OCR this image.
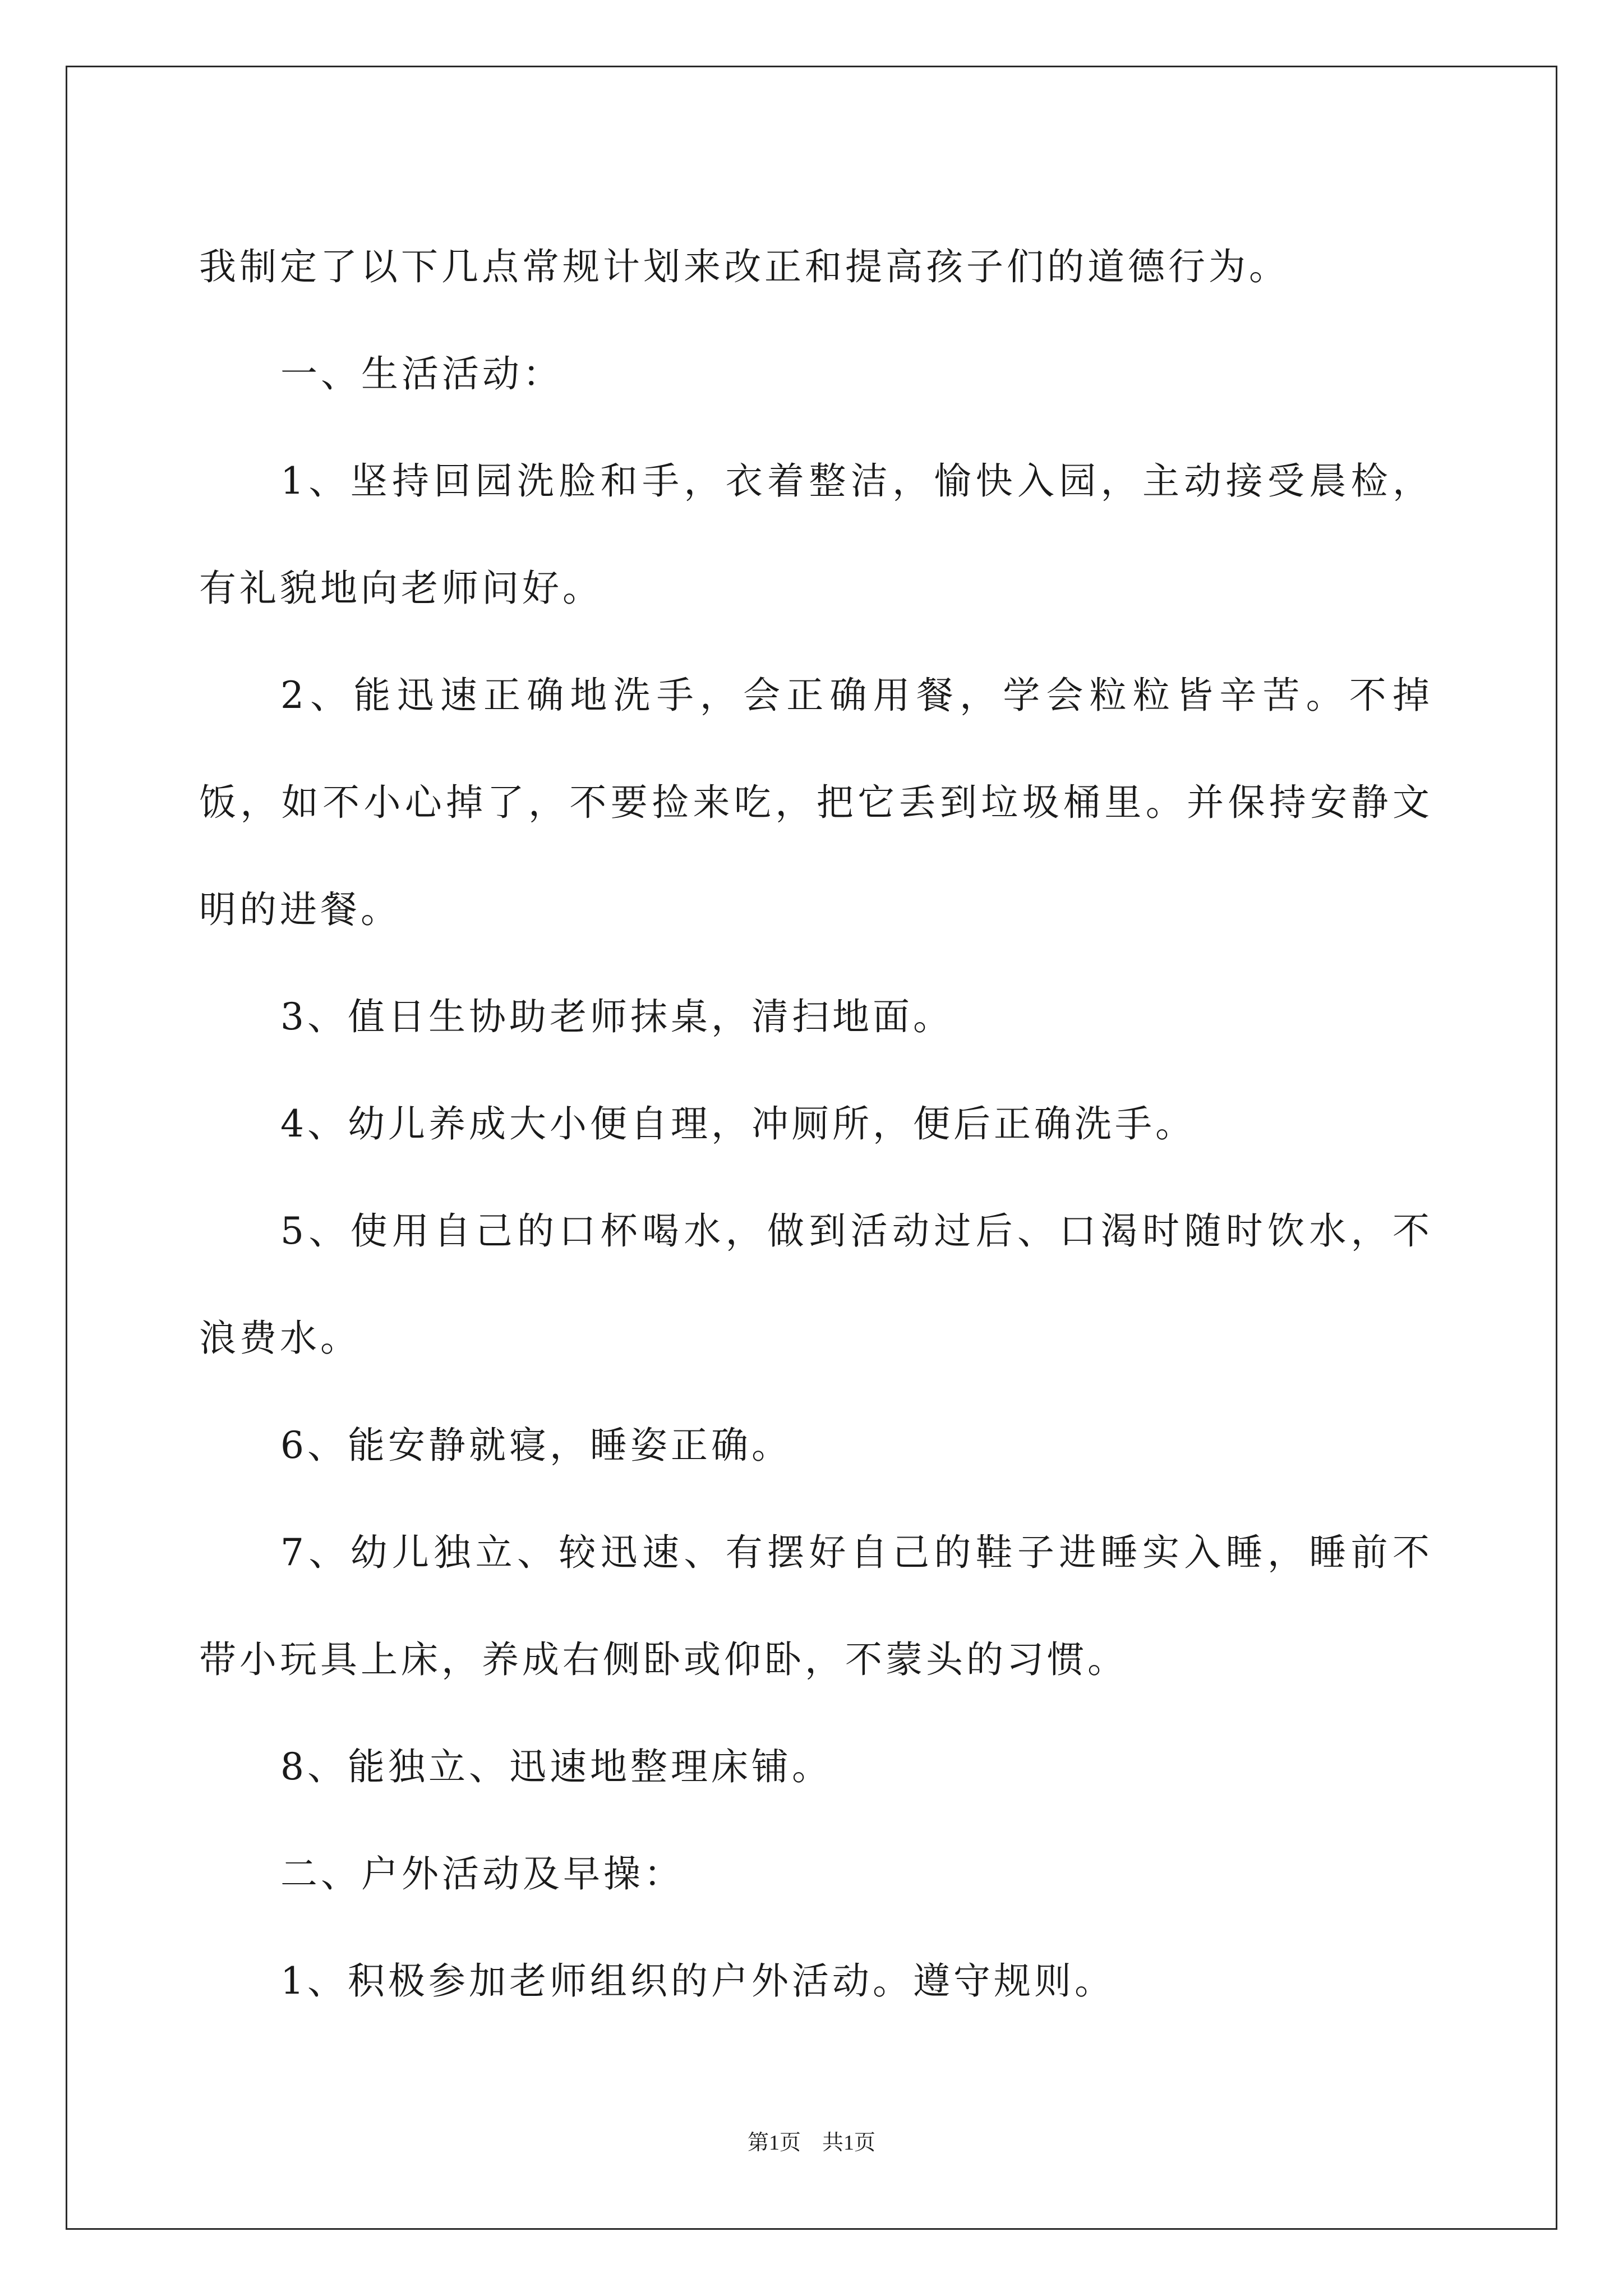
我制定了以下几点常规计划来改正和提高孩子们的道德行为。

一、生活活动：

1、坚持回园洗脸和手，衣着整洁，愉快入园，主动接受晨检，有礼貌地向老师问好。

2、能迅速正确地洗手，会正确用餐，学会粒粒皆辛苦。不掉饭，如不小心掉了，不要捡来吃，把它丢到垃圾桶里。并保持安静文明的进餐。

3、值日生协助老师抹桌，清扫地面。

4、幼儿养成大小便自理，冲厕所，便后正确洗手。

5、使用自己的口杯喝水，做到活动过后、口渴时随时饮水，不浪费水。

6、能安静就寝，睡姿正确。

7、幼儿独立、较迅速、有摆好自己的鞋子进睡实入睡，睡前不带小玩具上床，养成右侧卧或仰卧，不蒙头的习惯。

8、能独立、迅速地整理床铺。

二、户外活动及早操：

1、积极参加老师组织的户外活动。遵守规则。

第1页　共1页
